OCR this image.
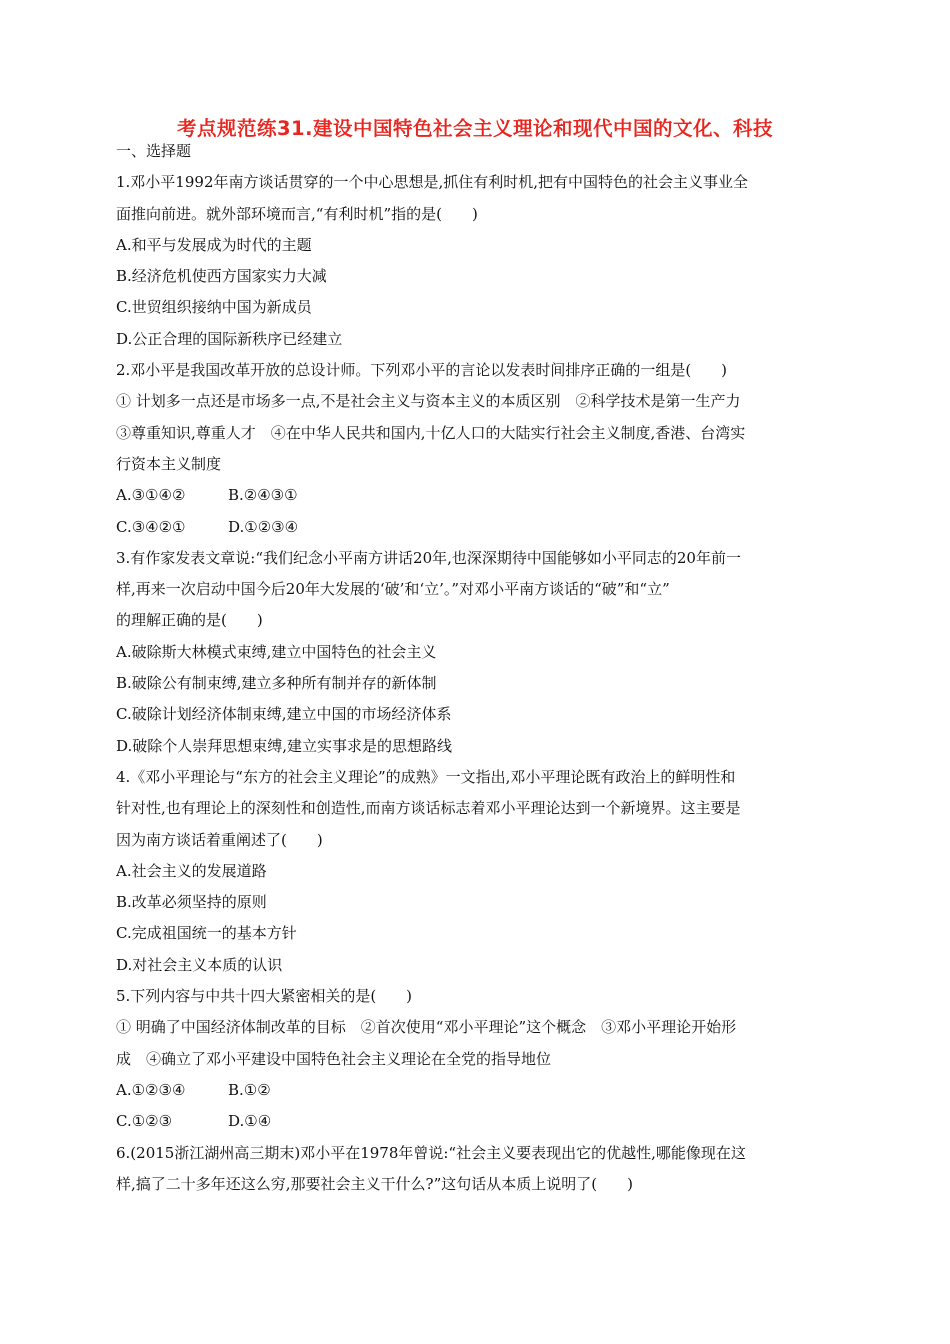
考点规范练31.建设中国特色社会主义理论和现代中国的文化、科技
一、选择题
1.邓小平1992年南方谈话贯穿的一个中心思想是,抓住有利时机,把有中国特色的社会主义事业全
面推向前进。就外部环境而言,“有利时机”指的是(　　)
A.和平与发展成为时代的主题
B.经济危机使西方国家实力大减
C.世贸组织接纳中国为新成员
D.公正合理的国际新秩序已经建立
2.邓小平是我国改革开放的总设计师。下列邓小平的言论以发表时间排序正确的一组是(　　)
① 计划多一点还是市场多一点,不是社会主义与资本主义的本质区别　②科学技术是第一生产力
③尊重知识,尊重人才　④在中华人民共和国内,十亿人口的大陆实行社会主义制度,香港、台湾实
行资本主义制度
A.③①④②	B.②④③①
C.③④②①	D.①②③④
3.有作家发表文章说:“我们纪念小平南方讲话20年,也深深期待中国能够如小平同志的20年前一
样,再来一次启动中国今后20年大发展的‘破’和‘立’。”对邓小平南方谈话的“破”和“立”
的理解正确的是(　　)
A.破除斯大林模式束缚,建立中国特色的社会主义
B.破除公有制束缚,建立多种所有制并存的新体制
C.破除计划经济体制束缚,建立中国的市场经济体系
D.破除个人崇拜思想束缚,建立实事求是的思想路线
4.《邓小平理论与“东方的社会主义理论”的成熟》一文指出,邓小平理论既有政治上的鲜明性和
针对性,也有理论上的深刻性和创造性,而南方谈话标志着邓小平理论达到一个新境界。这主要是
因为南方谈话着重阐述了(　　)
A.社会主义的发展道路
B.改革必须坚持的原则
C.完成祖国统一的基本方针
D.对社会主义本质的认识
5.下列内容与中共十四大紧密相关的是(　　)
① 明确了中国经济体制改革的目标　②首次使用“邓小平理论”这个概念　③邓小平理论开始形
成　④确立了邓小平建设中国特色社会主义理论在全党的指导地位
A.①②③④	B.①②
C.①②③	D.①④
6.(2015浙江湖州高三期末)邓小平在1978年曾说:“社会主义要表现出它的优越性,哪能像现在这
样,搞了二十多年还这么穷,那要社会主义干什么?”这句话从本质上说明了(　　)
